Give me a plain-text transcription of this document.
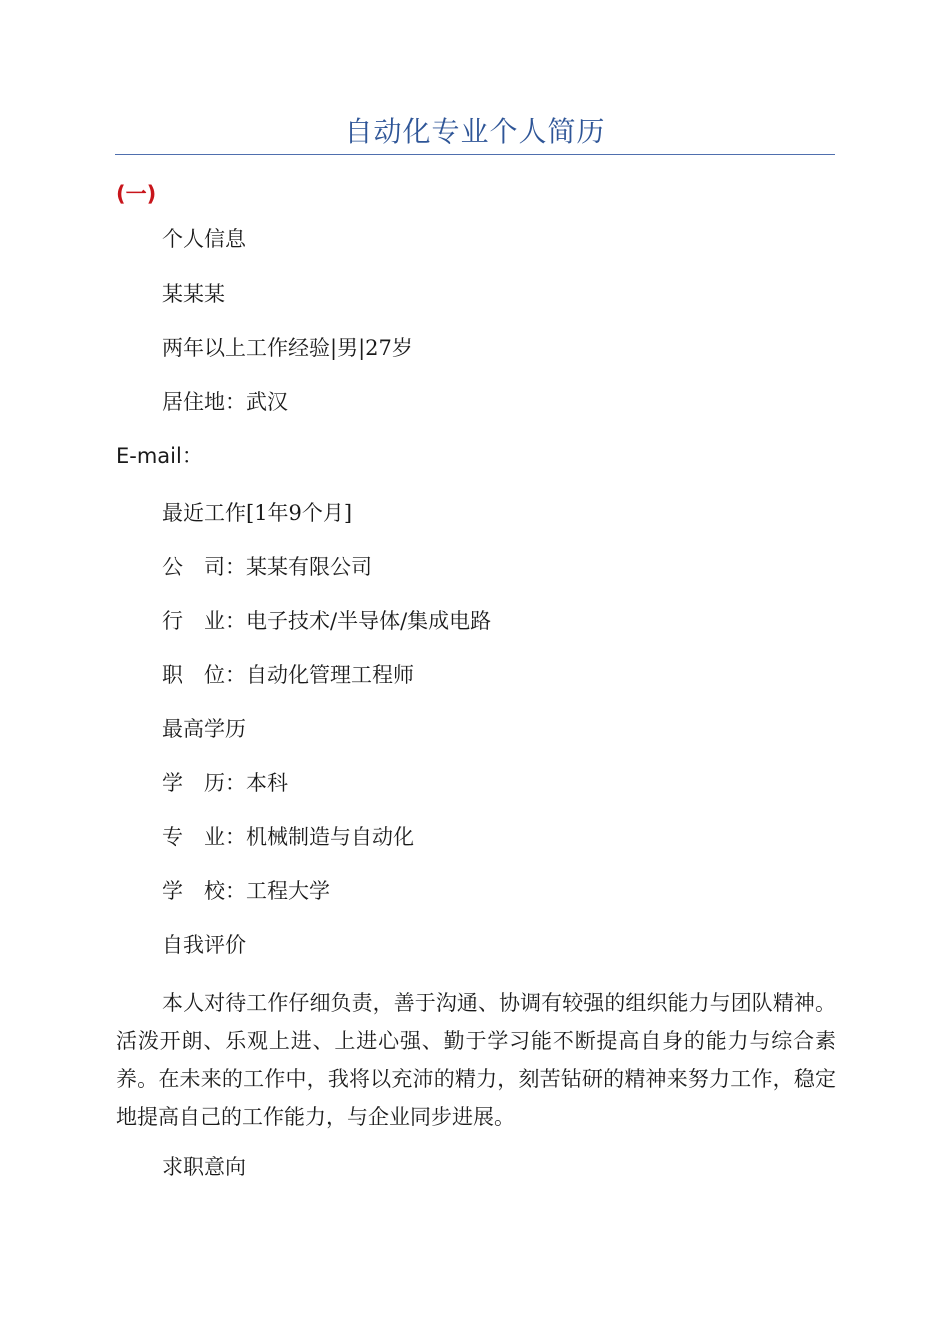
自动化专业个人简历
(一)
个人信息
某某某
两年以上工作经验|男|27岁
居住地：武汉
E-mail：
最近工作[1年9个月]
公　司：某某有限公司
行　业：电子技术/半导体/集成电路
职　位：自动化管理工程师
最高学历
学　历：本科
专　业：机械制造与自动化
学　校：工程大学
自我评价
本人对待工作仔细负责，善于沟通、协调有较强的组织能力与团队精神。活泼开朗、乐观上进、上进心强、勤于学习能不断提高自身的能力与综合素养。在未来的工作中，我将以充沛的精力，刻苦钻研的精神来努力工作，稳定地提高自己的工作能力，与企业同步进展。
求职意向
